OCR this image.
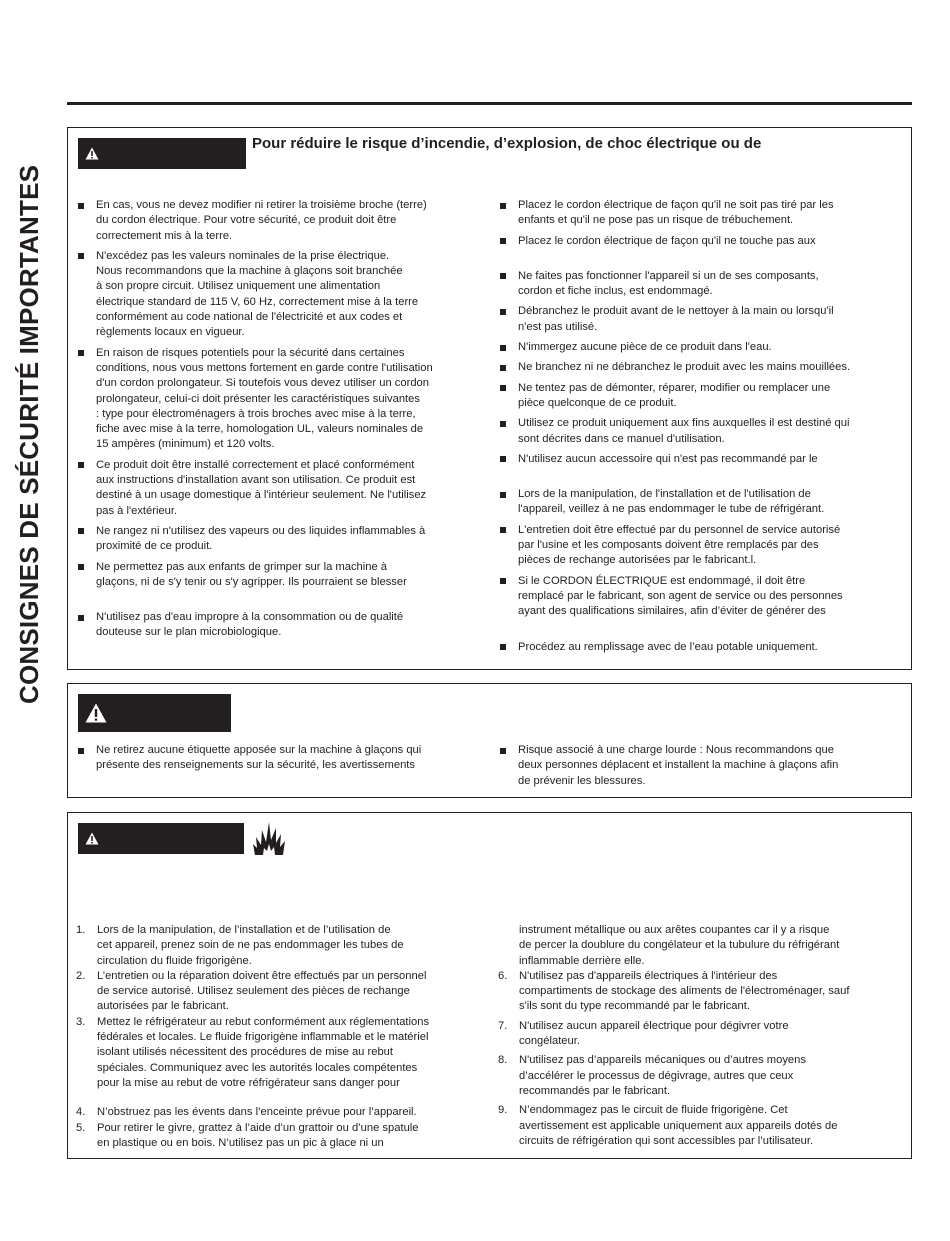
CONSIGNES DE SÉCURITÉ IMPORTANTES
Pour réduire le risque d’incendie, d’explosion, de choc électrique ou de
En cas, vous ne devez modifier ni retirer la troisième broche (terre)
du cordon électrique. Pour votre sécurité, ce produit doit être
correctement mis à la terre.
N'excédez pas les valeurs nominales de la prise électrique.
Nous recommandons que la machine à glaçons soit branchée
à son propre circuit. Utilisez uniquement une alimentation
électrique standard de 115 V, 60 Hz, correctement mise à la terre
conformément au code national de l'électricité et aux codes et
règlements locaux en vigueur.
En raison de risques potentiels pour la sécurité dans certaines
conditions, nous vous mettons fortement en garde contre l'utilisation
d'un cordon prolongateur. Si toutefois vous devez utiliser un cordon
prolongateur, celui-ci doit présenter les caractéristiques suivantes
: type pour électroménagers à trois broches avec mise à la terre,
fiche avec mise à la terre, homologation UL, valeurs nominales de
15 ampères (minimum) et 120 volts.
Ce produit doit être installé correctement et placé conformément
aux instructions d'installation avant son utilisation. Ce produit est
destiné à un usage domestique à l'intérieur seulement. Ne l'utilisez
pas à l'extérieur.
Ne rangez ni n'utilisez des vapeurs ou des liquides inflammables à
proximité de ce produit.
Ne permettez pas aux enfants de grimper sur la machine à
glaçons, ni de s'y tenir ou s'y agripper. Ils pourraient se blesser
N'utilisez pas d'eau impropre à la consommation ou de qualité
douteuse sur le plan microbiologique.
Placez le cordon électrique de façon qu'il ne soit pas tiré par les
enfants et qu'il ne pose pas un risque de trébuchement.
Placez le cordon électrique de façon qu'il ne touche pas aux
Ne faites pas fonctionner l'appareil si un de ses composants,
cordon et fiche inclus, est endommagé.
Débranchez le produit avant de le nettoyer à la main ou lorsqu'il
n'est pas utilisé.
N'immergez aucune pièce de ce produit dans l'eau.
Ne branchez ni ne débranchez le produit avec les mains mouillées.
Ne tentez pas de démonter, réparer, modifier ou remplacer une
pièce quelconque de ce produit.
Utilisez ce produit uniquement aux fins auxquelles il est destiné qui
sont décrites dans ce manuel d'utilisation.
N'utilisez aucun accessoire qui n'est pas recommandé par le
Lors de la manipulation, de l'installation et de l'utilisation de
l'appareil, veillez à ne pas endommager le tube de réfrigérant.
L'entretien doit être effectué par du personnel de service autorisé
par l'usine et les composants doivent être remplacés par des
pièces de rechange autorisées par le fabricant.l.
Si le CORDON ÉLECTRIQUE est endommagé, il doit être
remplacé par le fabricant, son agent de service ou des personnes
ayant des qualifications similaires, afin d’éviter de générer des
Procédez au remplissage avec de l’eau potable uniquement.
Ne retirez aucune étiquette apposée sur la machine à glaçons qui
présente des renseignements sur la sécurité, les avertissements
Risque associé à une charge lourde : Nous recommandons que
deux personnes déplacent et installent la machine à glaçons afin
de prévenir les blessures.
1. Lors de la manipulation, de l’installation et de l’utilisation de
cet appareil, prenez soin de ne pas endommager les tubes de
circulation du fluide frigorigène.
2. L’entretien ou la réparation doivent être effectués par un personnel
de service autorisé. Utilisez seulement des pièces de rechange
autorisées par le fabricant.
3. Mettez le réfrigérateur au rebut conformément aux réglementations
fédérales et locales. Le fluide frigorigène inflammable et le matériel
isolant utilisés nécessitent des procédures de mise au rebut
spéciales. Communiquez avec les autorités locales compétentes
pour la mise au rebut de votre réfrigérateur sans danger pour
4. N’obstruez pas les évents dans l’enceinte prévue pour l’appareil.
5. Pour retirer le givre, grattez à l’aide d’un grattoir ou d’une spatule
en plastique ou en bois. N’utilisez pas un pic à glace ni un
instrument métallique ou aux arêtes coupantes car il y a risque
de percer la doublure du congélateur et la tubulure du réfrigérant
inflammable derrière elle.
6. N'utilisez pas d'appareils électriques à l'intérieur des
compartiments de stockage des aliments de l'électroménager, sauf
s'ils sont du type recommandé par le fabricant.
7. N'utilisez aucun appareil électrique pour dégivrer votre
congélateur.
8. N'utilisez pas d’appareils mécaniques ou d’autres moyens
d’accélérer le processus de dégivrage, autres que ceux
recommandés par le fabricant.
9. N’endommagez pas le circuit de fluide frigorigène. Cet
avertissement est applicable uniquement aux appareils dotés de
circuits de réfrigération qui sont accessibles par l’utilisateur.
